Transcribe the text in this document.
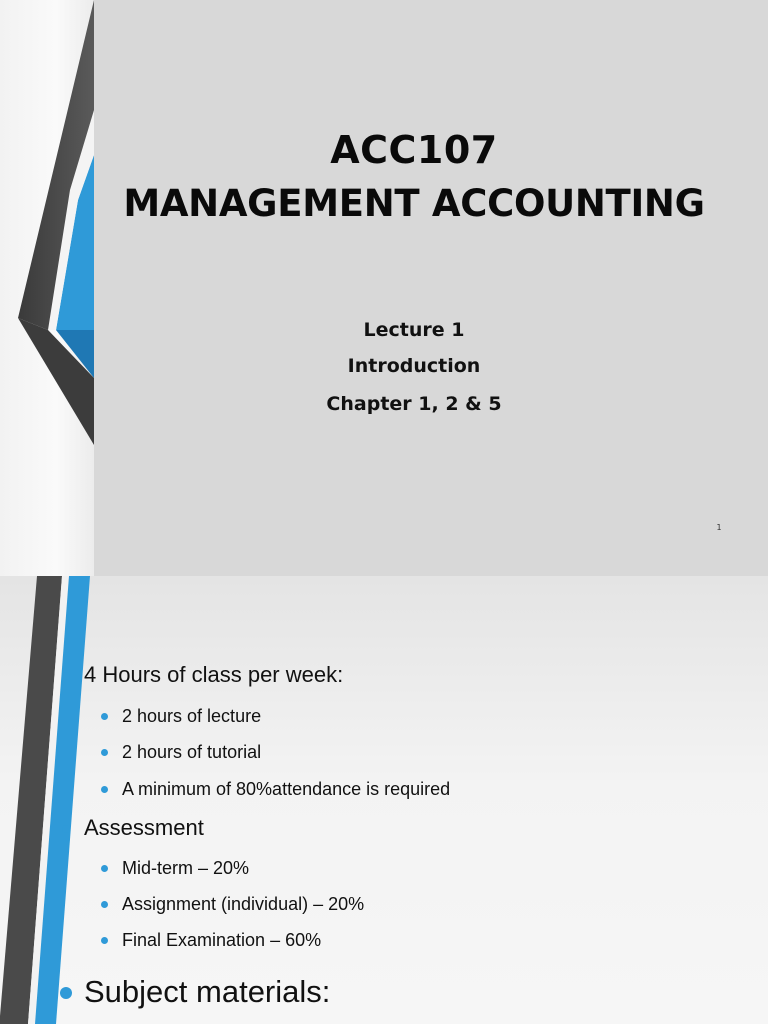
ACC107
MANAGEMENT ACCOUNTING
Lecture 1
Introduction
Chapter 1, 2 & 5
1
4 Hours of class per week:
2 hours of lecture
2 hours of tutorial
A minimum of 80%attendance is required
Assessment
Mid-term – 20%
Assignment (individual) – 20%
Final Examination – 60%
Subject materials:
